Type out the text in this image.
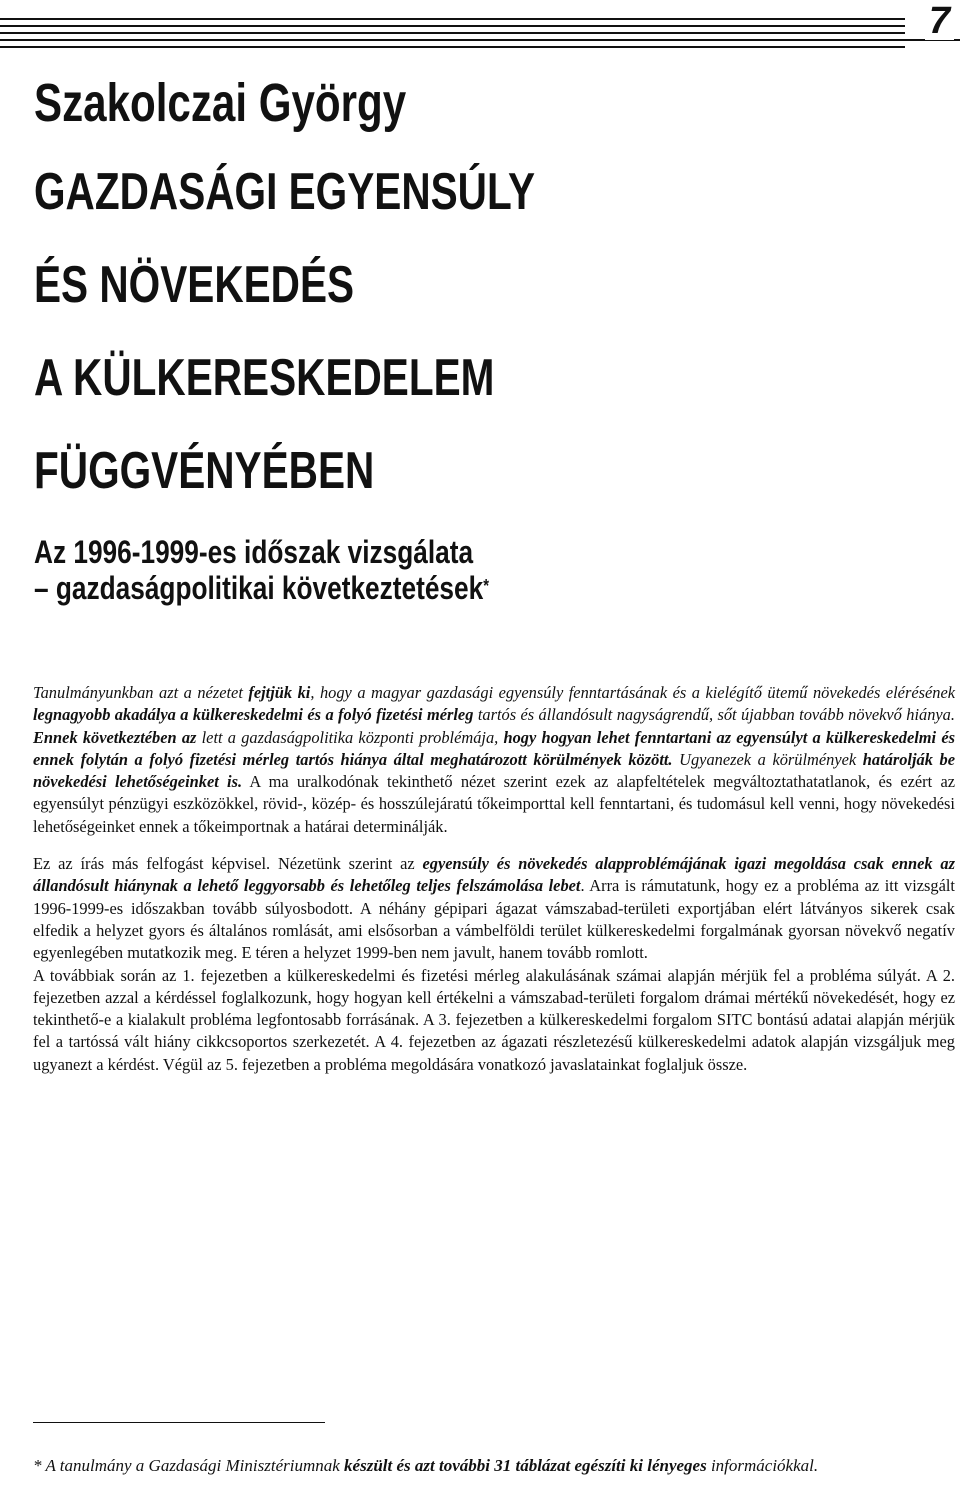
7
Szakolczai György
GAZDASÁGI EGYENSÚLY
ÉS NÖVEKEDÉS
A KÜLKERESKEDELEM
FÜGGVÉNYÉBEN
Az 1996-1999-es időszak vizsgálata
– gazdaságpolitikai következtetések*

Tanulmányunkban azt a nézetet fejtjük ki, hogy a magyar gazdasági egyensúly fenntartásának és a kielégítő ütemű növekedés elérésének legnagyobb akadálya a külkereskedelmi és a folyó fizetési mérleg tartós és állandósult nagyságrendű, sőt újabban tovább növekvő hiánya. Ennek következtében az lett a gazdaságpolitika központi problémája, hogy hogyan lehet fenntartani az egyensúlyt a külkereskedelmi és ennek folytán a folyó fizetési mérleg tartós hiánya által meghatározott körülmények között. Ugyanezek a körülmények határolják be növekedési lehetőségeinket is. A ma uralkodónak tekinthető nézet szerint ezek az alapfeltételek megváltoztathatatlanok, és ezért az egyensúlyt pénzügyi eszközökkel, rövid-, közép- és hosszúlejáratú tőkeimporttal kell fenntartani, és tudomásul kell venni, hogy növekedési lehetőségeinket ennek a tőkeimportnak a határai determinálják.

Ez az írás más felfogást képvisel. Nézetünk szerint az egyensúly és növekedés alapproblémájának igazi megoldása csak ennek az állandósult hiánynak a lehető leggyorsabb és lehetőleg teljes felszámolása lebet. Arra is rámutatunk, hogy ez a probléma az itt vizsgált 1996-1999-es időszakban tovább súlyosbodott. A néhány gépipari ágazat vámszabad-területi exportjában elért látványos sikerek csak elfedik a helyzet gyors és általános romlását, ami elsősorban a vámbelföldi terület külkereskedelmi forgalmának gyorsan növekvő negatív egyenlegében mutatkozik meg. E téren a helyzet 1999-ben nem javult, hanem tovább romlott.

A továbbiak során az 1. fejezetben a külkereskedelmi és fizetési mérleg alakulásának számai alapján mérjük fel a probléma súlyát. A 2. fejezetben azzal a kérdéssel foglalkozunk, hogy hogyan kell értékelni a vámszabad-területi forgalom drámai mértékű növekedését, hogy ez tekinthető-e a kialakult probléma legfontosabb forrásának. A 3. fejezetben a külkereskedelmi forgalom SITC bontású adatai alapján mérjük fel a tartóssá vált hiány cikkcsoportos szerkezetét. A 4. fejezetben az ágazati részletezésű külkereskedelmi adatok alapján vizsgáljuk meg ugyanezt a kérdést. Végül az 5. fejezetben a probléma megoldására vonatkozó javaslatainkat foglaljuk össze.

* A tanulmány a Gazdasági Minisztériumnak készült és azt további 31 táblázat egészíti ki lényeges információkkal.
